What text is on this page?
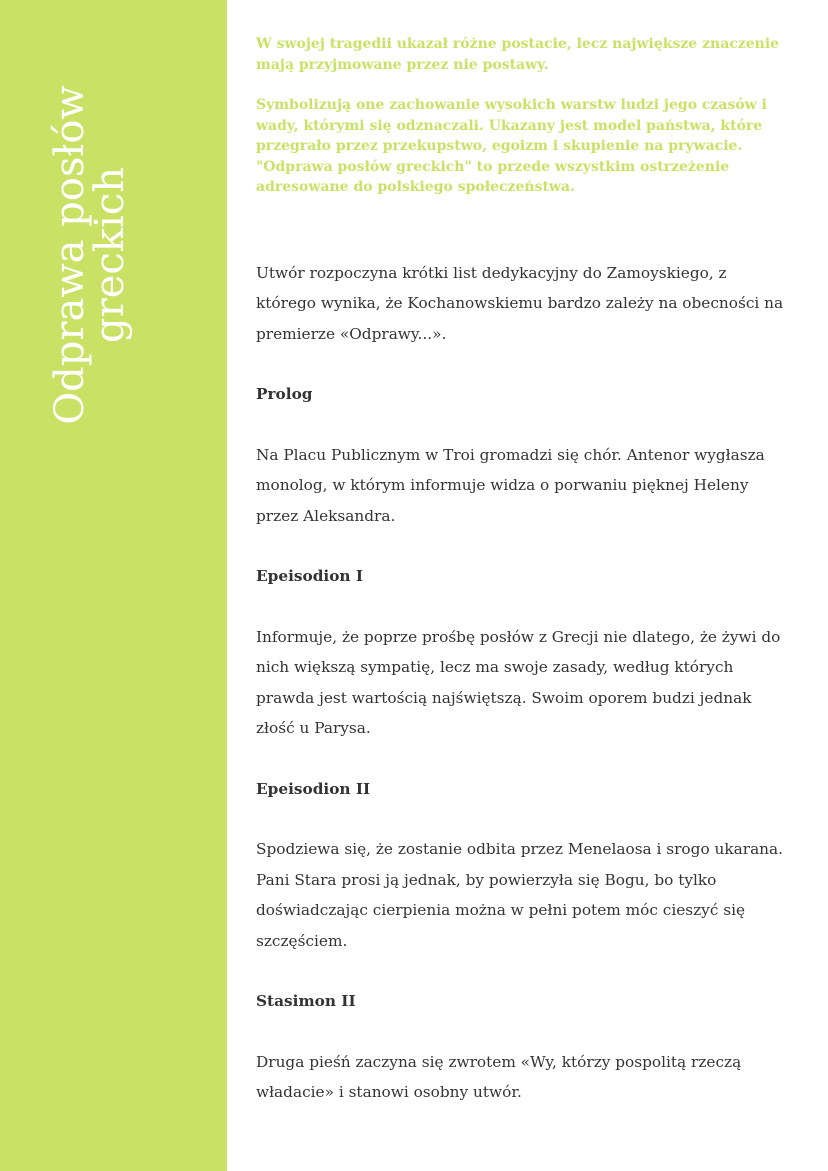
Odprawa posłów
greckich

W swojej tragedii ukazał różne postacie, lecz największe znaczenie mają przyjmowane przez nie postawy.

Symbolizują one zachowanie wysokich warstw ludzi jego czasów i wady, którymi się odznaczali. Ukazany jest model państwa, które przegrało przez przekupstwo, egoizm i skupienie na prywacie. "Odprawa posłów greckich" to przede wszystkim ostrzeżenie adresowane do polskiego społeczeństwa.

Utwór rozpoczyna krótki list dedykacyjny do Zamoyskiego, z którego wynika, że Kochanowskiemu bardzo zależy na obecności na premierze «Odprawy...».

Prolog

Na Placu Publicznym w Troi gromadzi się chór. Antenor wygłasza monolog, w którym informuje widza o porwaniu pięknej Heleny przez Aleksandra.

Epeisodion I

Informuje, że poprze prośbę posłów z Grecji nie dlatego, że żywi do nich większą sympatię, lecz ma swoje zasady, według których prawda jest wartością najświętszą. Swoim oporem budzi jednak złość u Parysa.

Epeisodion II

Spodziewa się, że zostanie odbita przez Menelaosa i srogo ukarana. Pani Stara prosi ją jednak, by powierzyła się Bogu, bo tylko doświadczając cierpienia można w pełni potem móc cieszyć się szczęściem.

Stasimon II

Druga pieśń zaczyna się zwrotem «Wy, którzy pospolitą rzeczą władacie» i stanowi osobny utwór.
